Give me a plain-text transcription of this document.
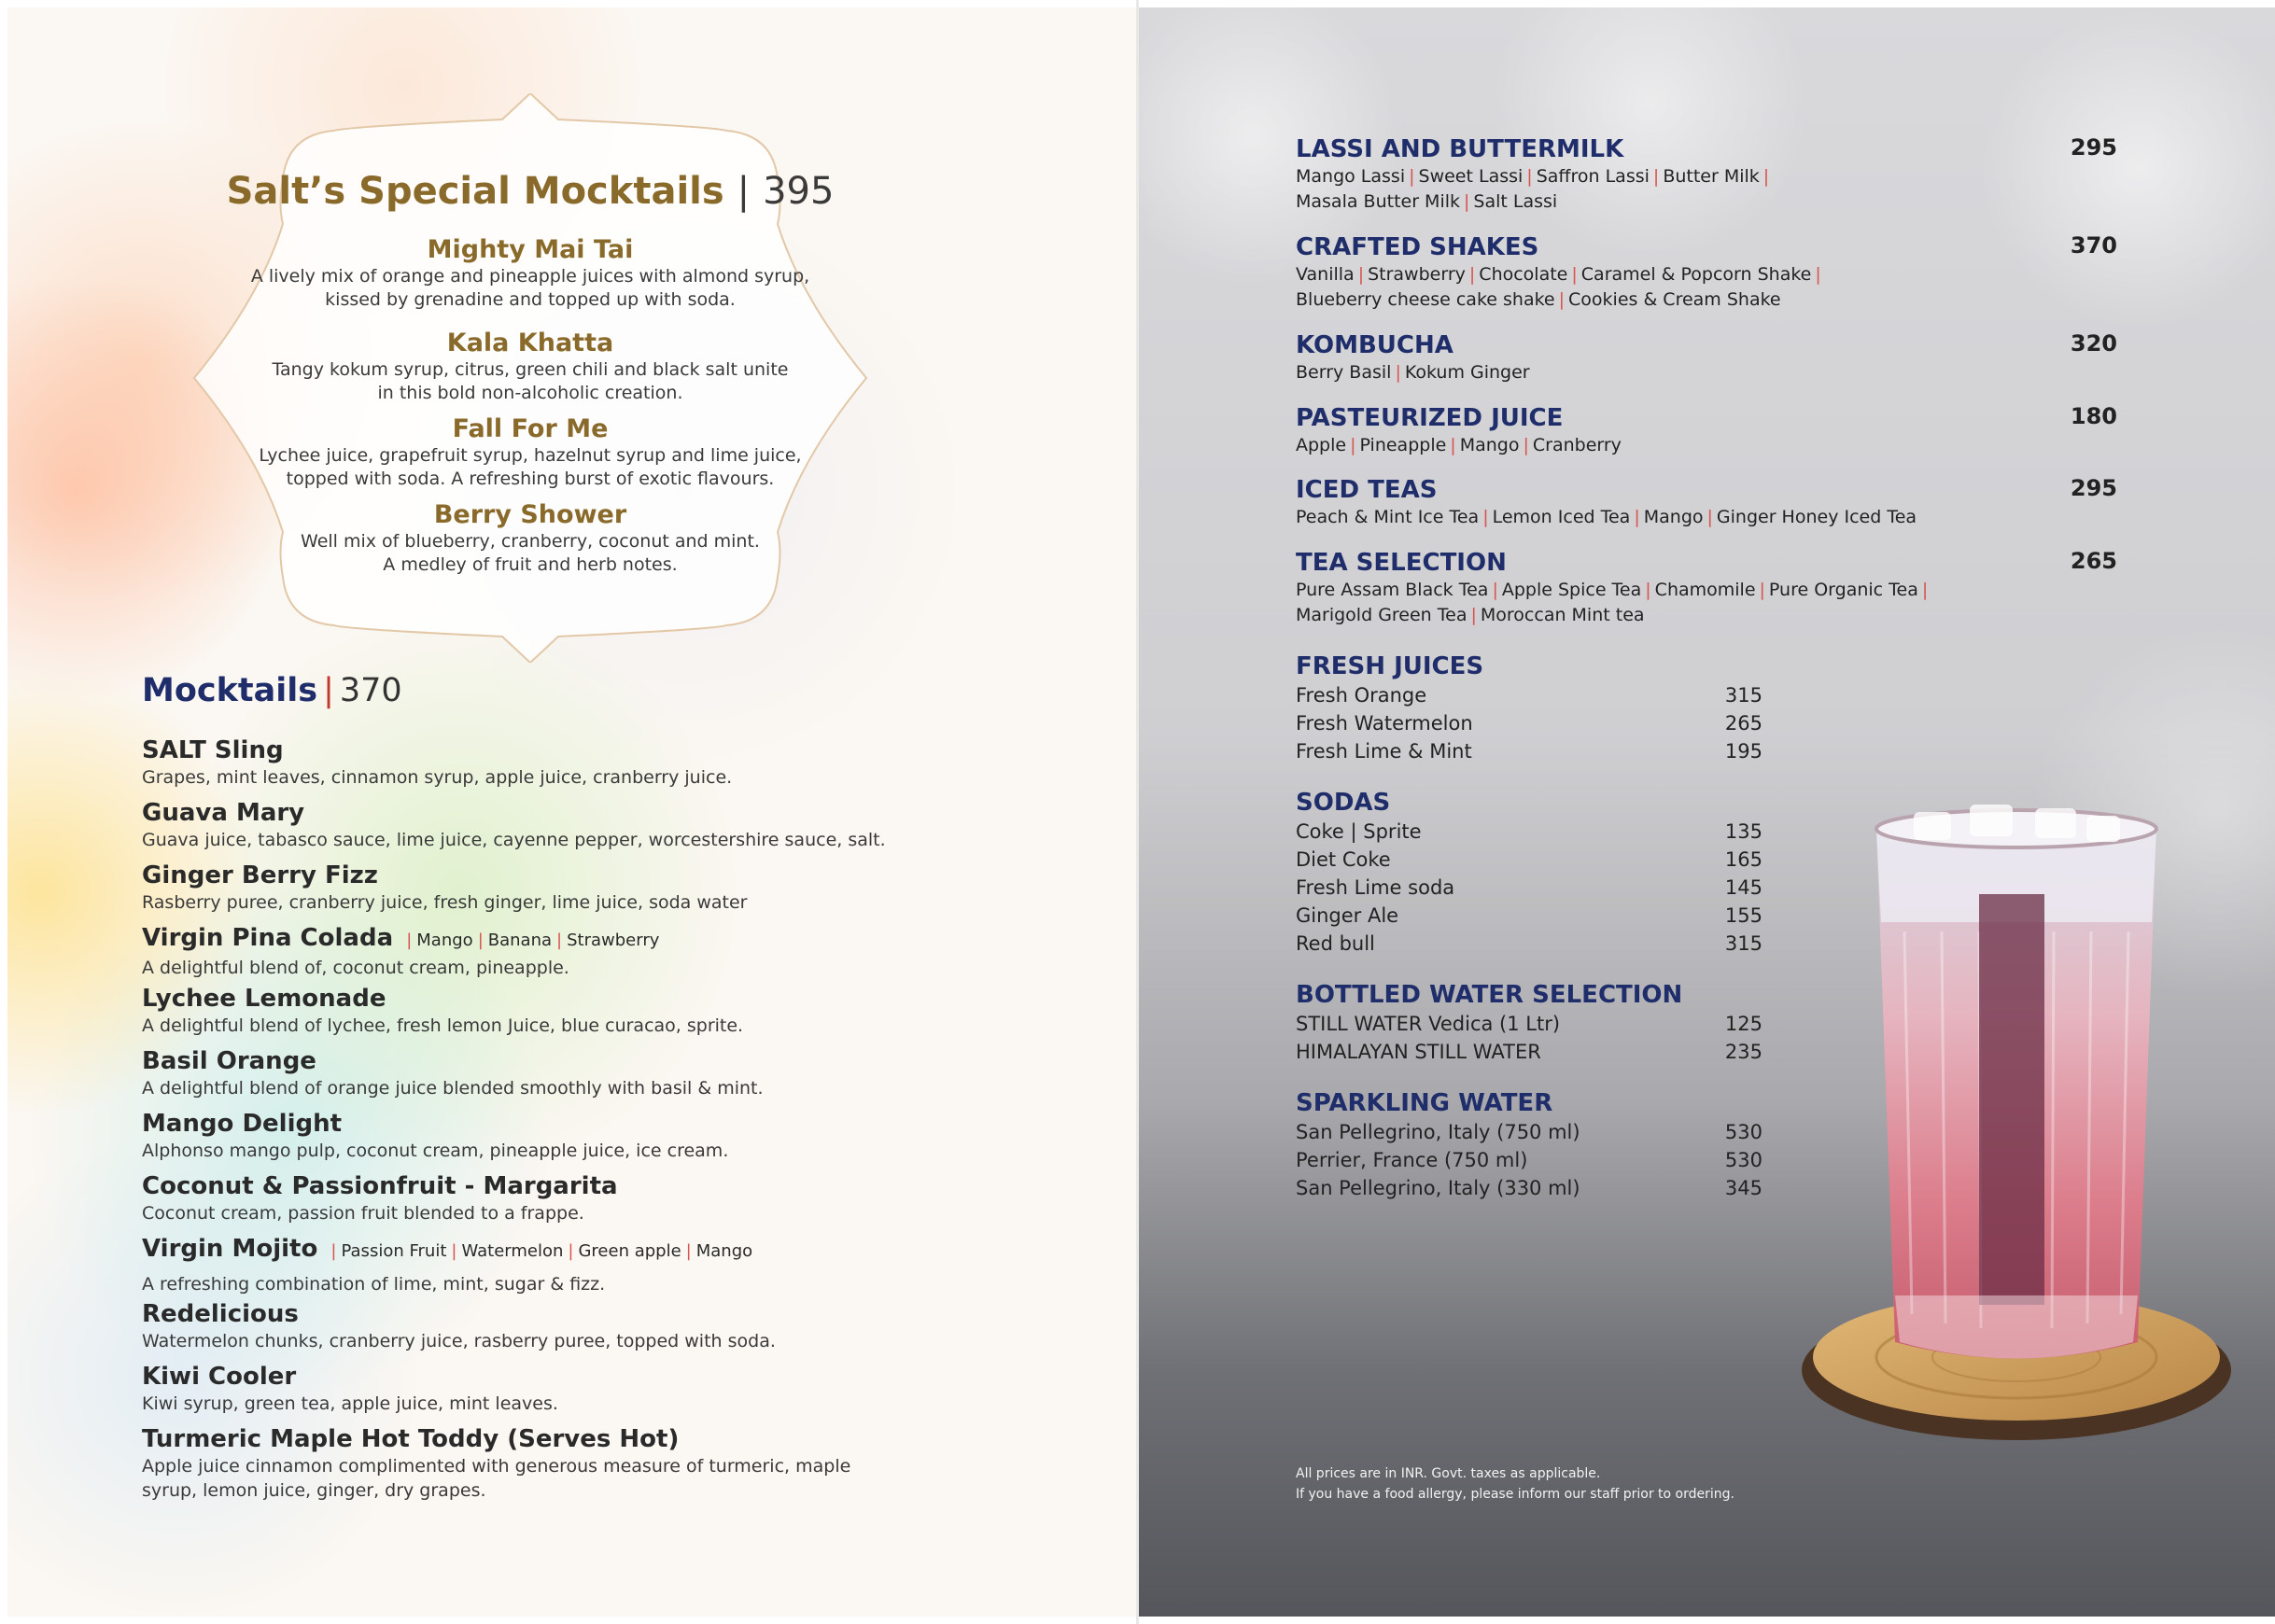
Salt’s Special Mocktails | 395
Mighty Mai Tai
A lively mix of orange and pineapple juices with almond syrup,
kissed by grenadine and topped up with soda.
Kala Khatta
Tangy kokum syrup, citrus, green chili and black salt unite
in this bold non-alcoholic creation.
Fall For Me
Lychee juice, grapefruit syrup, hazelnut syrup and lime juice,
topped with soda. A refreshing burst of exotic flavours.
Berry Shower
Well mix of blueberry, cranberry, coconut and mint.
A medley of fruit and herb notes.
Mocktails | 370
SALT Sling
Grapes, mint leaves, cinnamon syrup, apple juice, cranberry juice.
Guava Mary
Guava juice, tabasco sauce, lime juice, cayenne pepper, worcestershire sauce, salt.
Ginger Berry Fizz
Rasberry puree, cranberry juice, fresh ginger, lime juice, soda water
Virgin Pina Colada | Mango | Banana | Strawberry
A delightful blend of, coconut cream, pineapple.
Lychee Lemonade
A delightful blend of lychee, fresh lemon Juice, blue curacao, sprite.
Basil Orange
A delightful blend of orange juice blended smoothly with basil & mint.
Mango Delight
Alphonso mango pulp, coconut cream, pineapple juice, ice cream.
Coconut & Passionfruit - Margarita
Coconut cream, passion fruit blended to a frappe.
Virgin Mojito | Passion Fruit | Watermelon | Green apple | Mango
A refreshing combination of lime, mint, sugar & fizz.
Redelicious
Watermelon chunks, cranberry juice, rasberry puree, topped with soda.
Kiwi Cooler
Kiwi syrup, green tea, apple juice, mint leaves.
Turmeric Maple Hot Toddy (Serves Hot)
Apple juice cinnamon complimented with generous measure of turmeric, maple
syrup, lemon juice, ginger, dry grapes.
LASSI AND BUTTERMILK	295
Mango Lassi | Sweet Lassi | Saffron Lassi | Butter Milk |
Masala Butter Milk | Salt Lassi
CRAFTED SHAKES	370
Vanilla | Strawberry | Chocolate | Caramel & Popcorn Shake |
Blueberry cheese cake shake | Cookies & Cream Shake
KOMBUCHA	320
Berry Basil | Kokum Ginger
PASTEURIZED JUICE	180
Apple | Pineapple | Mango | Cranberry
ICED TEAS	295
Peach & Mint Ice Tea | Lemon Iced Tea | Mango | Ginger Honey Iced Tea
TEA SELECTION	265
Pure Assam Black Tea | Apple Spice Tea | Chamomile | Pure Organic Tea |
Marigold Green Tea | Moroccan Mint tea
FRESH JUICES
Fresh Orange	315
Fresh Watermelon	265
Fresh Lime & Mint	195
SODAS
Coke | Sprite	135
Diet Coke	165
Fresh Lime soda	145
Ginger Ale	155
Red bull	315
BOTTLED WATER SELECTION
STILL WATER Vedica (1 Ltr)	125
HIMALAYAN STILL WATER	235
SPARKLING WATER
San Pellegrino, Italy (750 ml)	530
Perrier, France (750 ml)	530
San Pellegrino, Italy (330 ml)	345
All prices are in INR. Govt. taxes as applicable.
If you have a food allergy, please inform our staff prior to ordering.
